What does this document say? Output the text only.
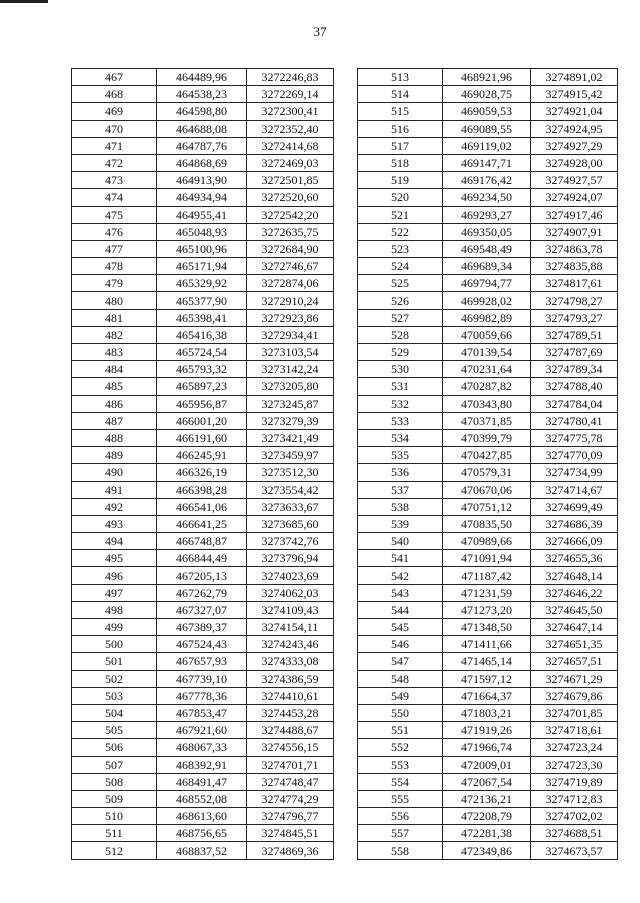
37
467	464489,96	3272246,83
468	464538,23	3272269,14
469	464598,80	3272300,41
470	464688,08	3272352,40
471	464787,76	3272414,68
472	464868,69	3272469,03
473	464913,90	3272501,85
474	464934,94	3272520,60
475	464955,41	3272542,20
476	465048,93	3272635,75
477	465100,96	3272684,90
478	465171,94	3272746,67
479	465329,92	3272874,06
480	465377,90	3272910,24
481	465398,41	3272923,86
482	465416,38	3272934,41
483	465724,54	3273103,54
484	465793,32	3273142,24
485	465897,23	3273205,80
486	465956,87	3273245,87
487	466001,20	3273279,39
488	466191,60	3273421,49
489	466245,91	3273459,97
490	466326,19	3273512,30
491	466398,28	3273554,42
492	466541,06	3273633,67
493	466641,25	3273685,60
494	466748,87	3273742,76
495	466844,49	3273796,94
496	467205,13	3274023,69
497	467262,79	3274062,03
498	467327,07	3274109,43
499	467389,37	3274154,11
500	467524,43	3274243,46
501	467657,93	3274333,08
502	467739,10	3274386,59
503	467778,36	3274410,61
504	467853,47	3274453,28
505	467921,60	3274488,67
506	468067,33	3274556,15
507	468392,91	3274701,71
508	468491,47	3274748,47
509	468552,08	3274774,29
510	468613,60	3274796,77
511	468756,65	3274845,51
512	468837,52	3274869,36
513	468921,96	3274891,02
514	469028,75	3274915,42
515	469059,53	3274921,04
516	469089,55	3274924,95
517	469119,02	3274927,29
518	469147,71	3274928,00
519	469176,42	3274927,57
520	469234,50	3274924,07
521	469293,27	3274917,46
522	469350,05	3274907,91
523	469548,49	3274863,78
524	469689,34	3274835,88
525	469794,77	3274817,61
526	469928,02	3274798,27
527	469982,89	3274793,27
528	470059,66	3274789,51
529	470139,54	3274787,69
530	470231,64	3274789,34
531	470287,82	3274788,40
532	470343,80	3274784,04
533	470371,85	3274780,41
534	470399,79	3274775,78
535	470427,85	3274770,09
536	470579,31	3274734,99
537	470670,06	3274714,67
538	470751,12	3274699,49
539	470835,50	3274686,39
540	470989,66	3274666,09
541	471091,94	3274655,36
542	471187,42	3274648,14
543	471231,59	3274646,22
544	471273,20	3274645,50
545	471348,50	3274647,14
546	471411,66	3274651,35
547	471465,14	3274657,51
548	471597,12	3274671,29
549	471664,37	3274679,86
550	471803,21	3274701,85
551	471919,26	3274718,61
552	471966,74	3274723,24
553	472009,01	3274723,30
554	472067,54	3274719,89
555	472136,21	3274712,83
556	472208,79	3274702,02
557	472281,38	3274688,51
558	472349,86	3274673,57
